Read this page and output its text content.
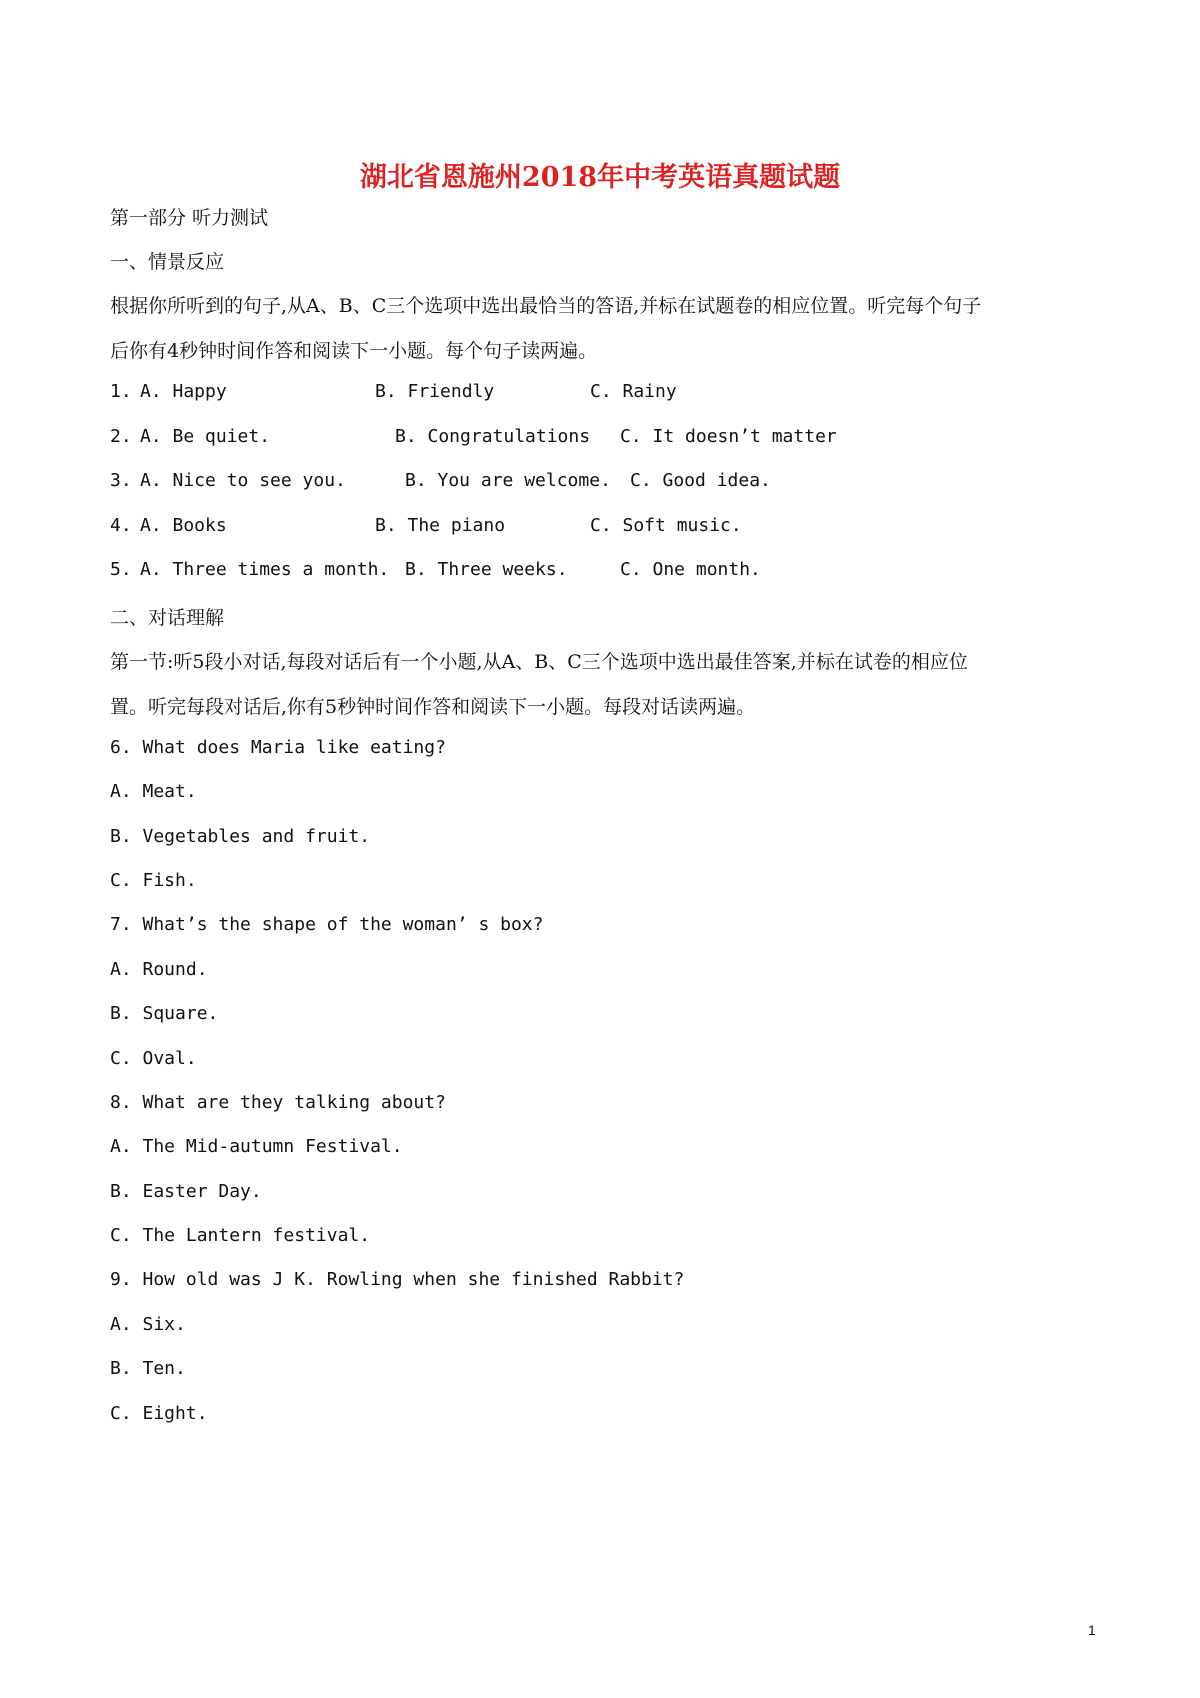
湖北省恩施州2018年中考英语真题试题
第一部分 听力测试
一、情景反应
根据你所听到的句子,从A、B、C三个选项中选出最恰当的答语,并标在试题卷的相应位置。听完每个句子
后你有4秒钟时间作答和阅读下一小题。每个句子读两遍。
1. A. Happy	B. Friendly	C. Rainy
2. A. Be quiet.	B. Congratulations C. It doesn’t matter
3. A. Nice to see you.	B. You are welcome. C. Good idea.
4. A. Books	B. The piano	C. Soft music.
5. A. Three times a month. B. Three weeks.	C. One month.
二、对话理解
第一节:听5段小对话,每段对话后有一个小题,从A、B、C三个选项中选出最佳答案,并标在试卷的相应位
置。听完每段对话后,你有5秒钟时间作答和阅读下一小题。每段对话读两遍。
6. What does Maria like eating?
A. Meat.
B. Vegetables and fruit.
C. Fish.
7. What’s the shape of the woman’ s box?
A. Round.
B. Square.
C. Oval.
8. What are they talking about?
A. The Mid-autumn Festival.
B. Easter Day.
C. The Lantern festival.
9. How old was J K. Rowling when she finished Rabbit?
A. Six.
B. Ten.
C. Eight.
1
